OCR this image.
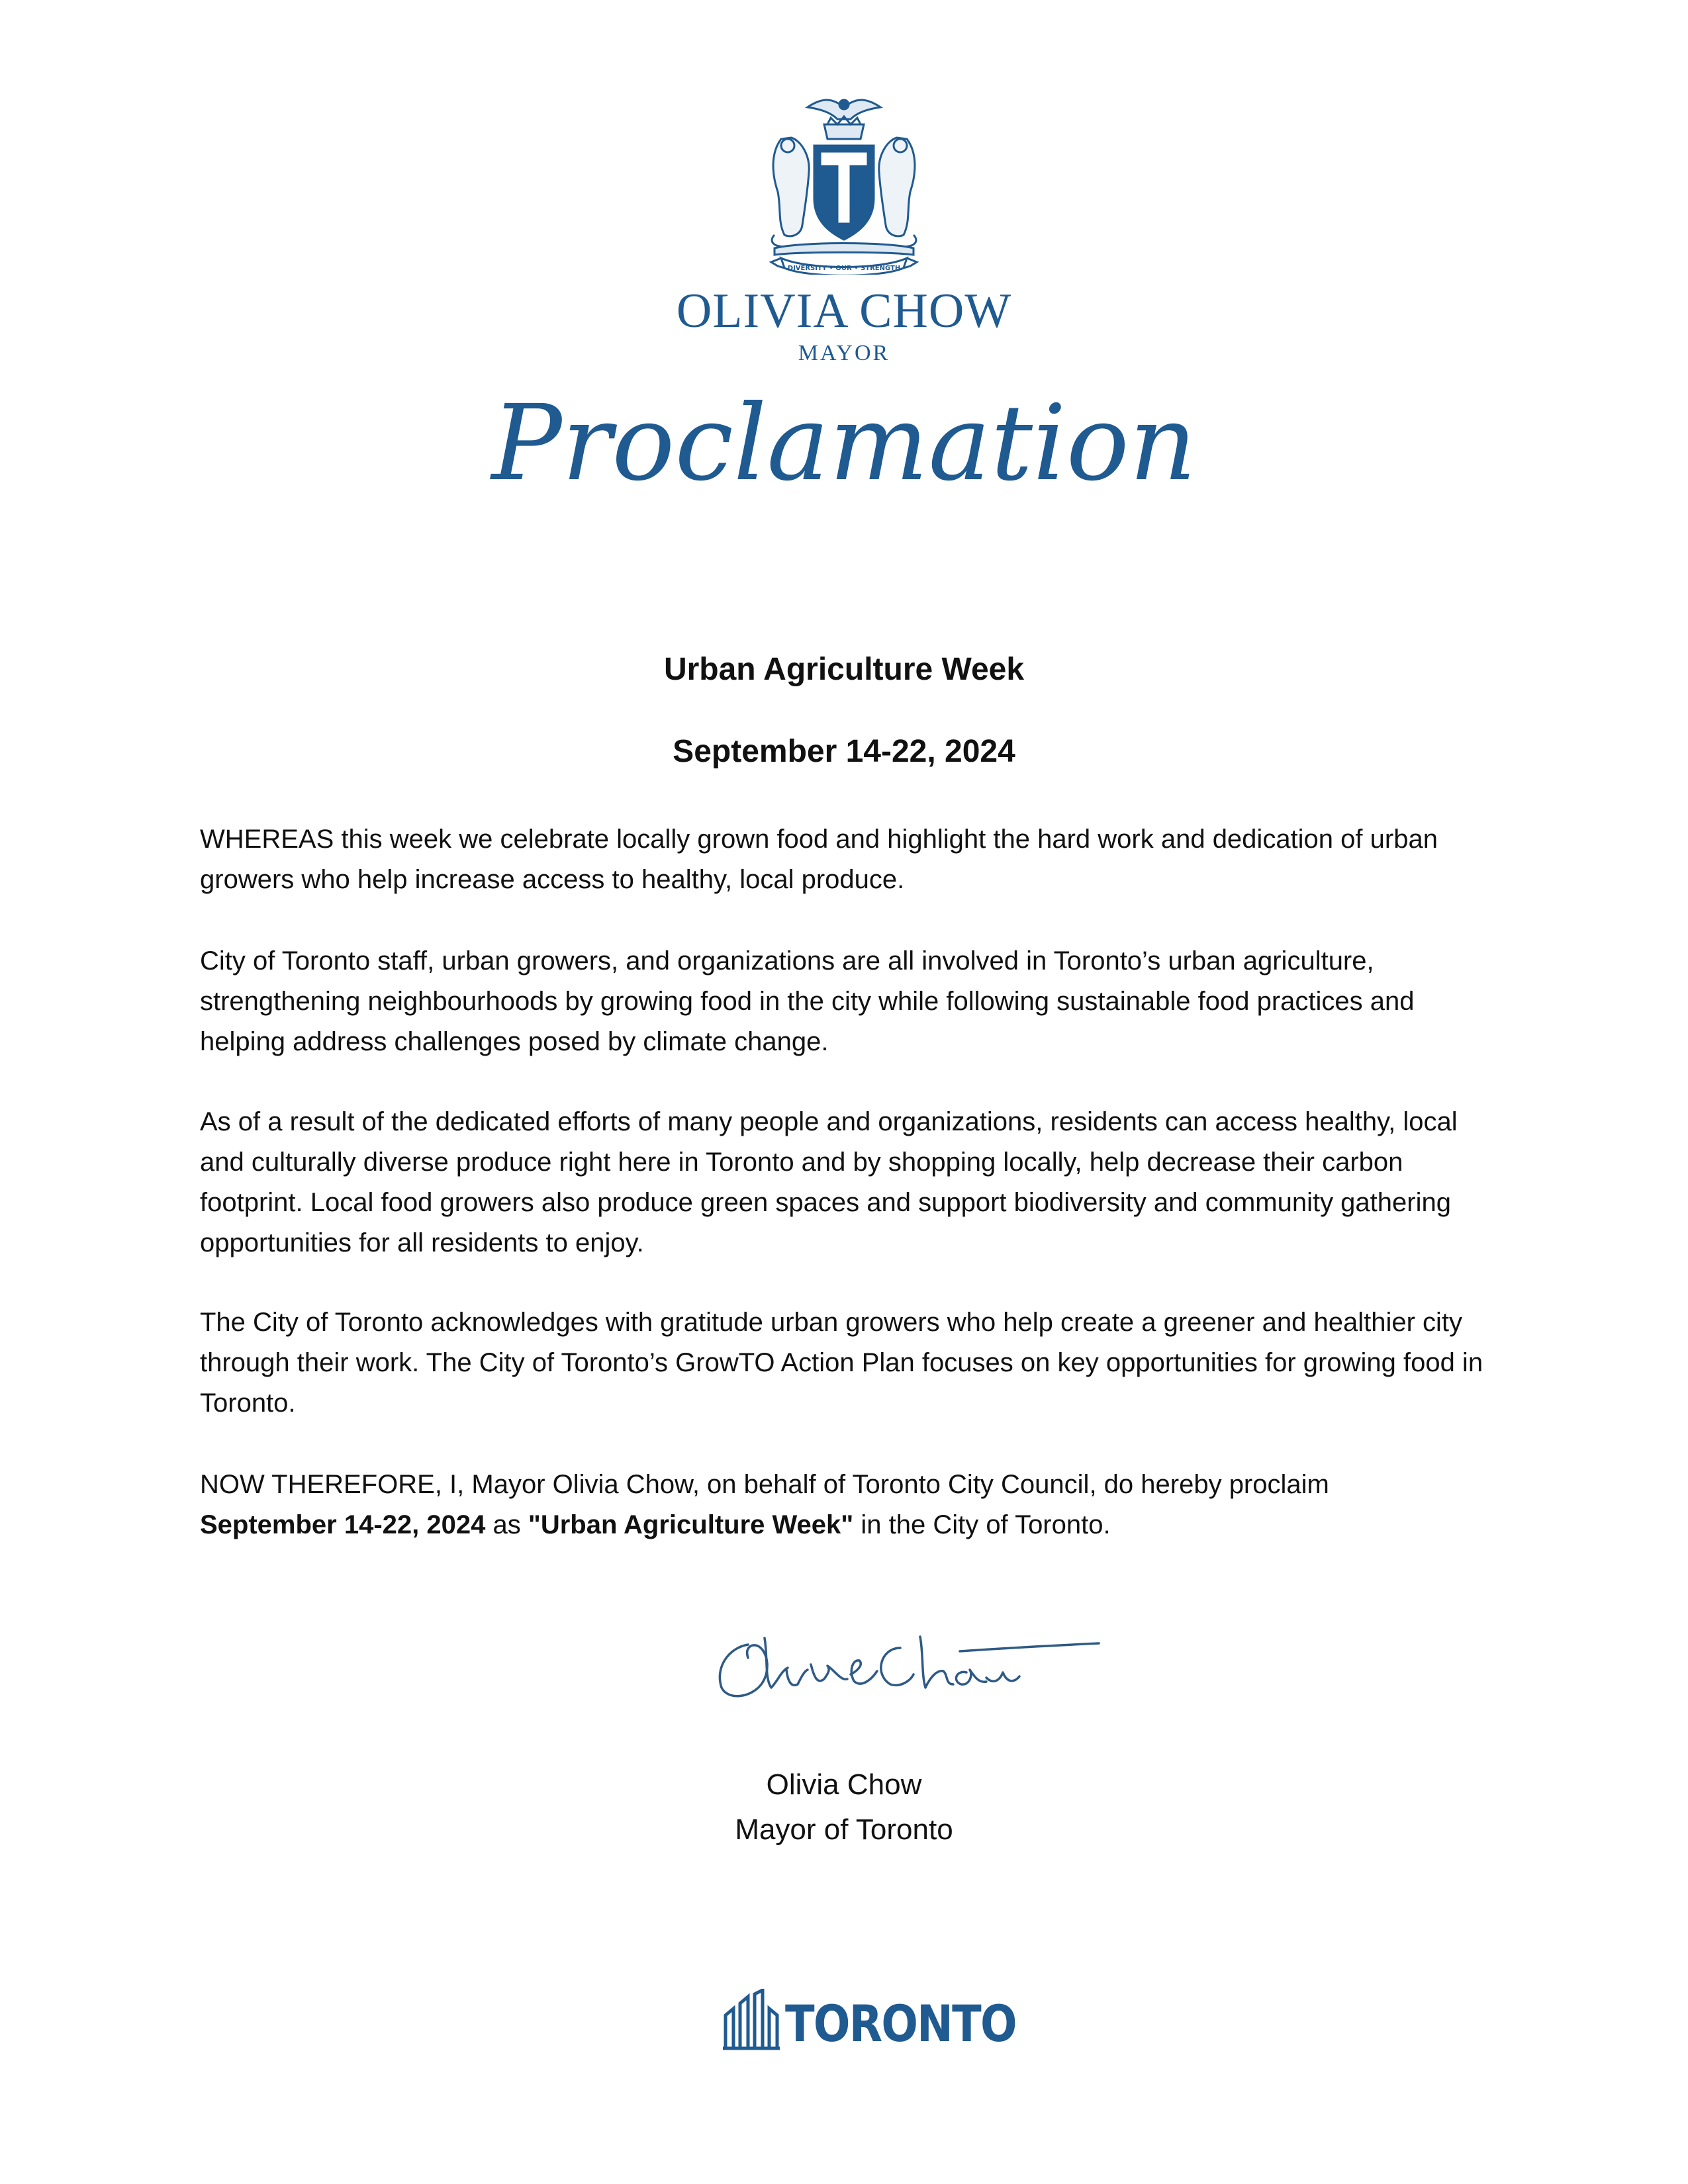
DIVERSITY • OUR • STRENGTH
OLIVIA CHOW
MAYOR
Proclamation
Urban Agriculture Week
September 14-22, 2024
WHEREAS this week we celebrate locally grown food and highlight the hard work and dedication of urban growers who help increase access to healthy, local produce.
City of Toronto staff, urban growers, and organizations are all involved in Toronto’s urban agriculture, strengthening neighbourhoods by growing food in the city while following sustainable food practices and helping address challenges posed by climate change.
As of a result of the dedicated efforts of many people and organizations, residents can access healthy, local and culturally diverse produce right here in Toronto and by shopping locally, help decrease their carbon footprint. Local food growers also produce green spaces and support biodiversity and community gathering opportunities for all residents to enjoy.
The City of Toronto acknowledges with gratitude urban growers who help create a greener and healthier city through their work. The City of Toronto’s GrowTO Action Plan focuses on key opportunities for growing food in Toronto.
NOW THEREFORE, I, Mayor Olivia Chow, on behalf of Toronto City Council, do hereby proclaim
September 14-22, 2024 as "Urban Agriculture Week" in the City of Toronto.
Olivia Chow
Mayor of Toronto
TORONTO
